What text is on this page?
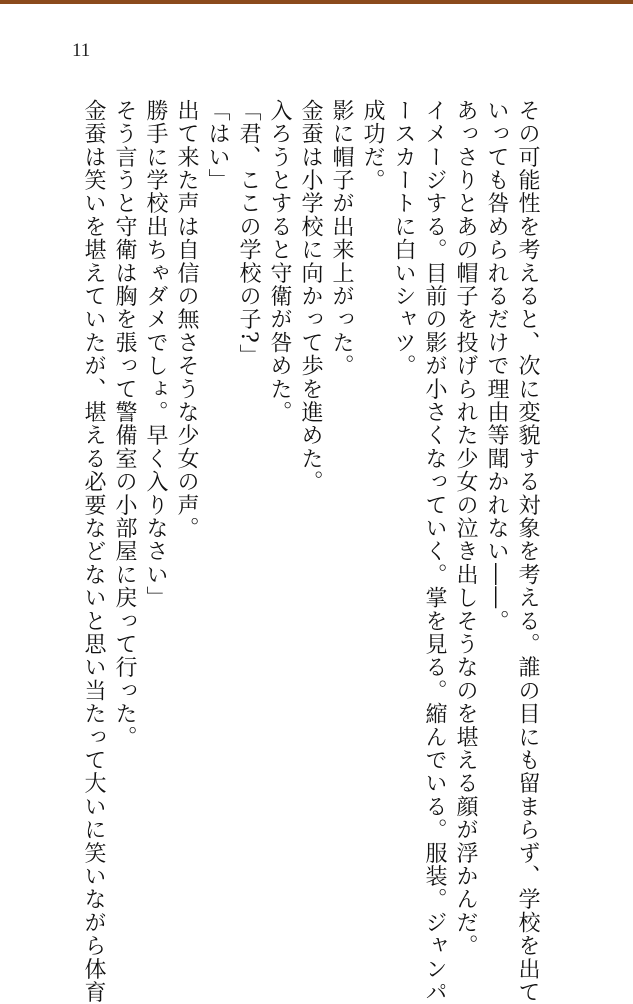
11

その可能性を考えると、次に変貌する対象を考える。誰の目にも留まらず、学校を出て

いっても咎められるだけで理由等聞かれない――。

あっさりとあの帽子を投げられた少女の泣き出しそうなのを堪える顔が浮かんだ。

イメージする。目前の影が小さくなっていく。掌を見る。縮んでいる。服装。ジャンパ

ースカートに白いシャツ。

成功だ。

影に帽子が出来上がった。

金蚕は小学校に向かって歩を進めた。

入ろうとすると守衛が咎めた。

「君、ここの学校の子?」

「はい」

出て来た声は自信の無さそうな少女の声。

勝手に学校出ちゃダメでしょ。早く入りなさい」

そう言うと守衛は胸を張って警備室の小部屋に戻って行った。

金蚕は笑いを堪えていたが、堪える必要などないと思い当たって大いに笑いながら体育
